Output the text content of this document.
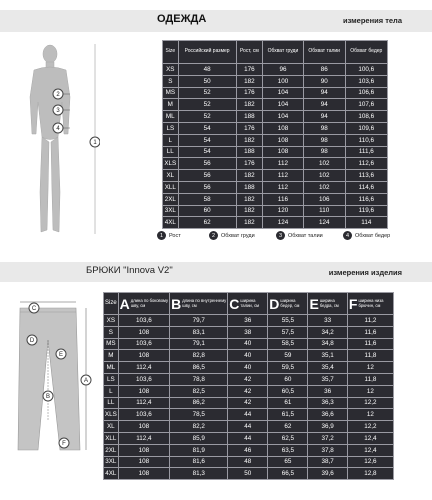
ОДЕЖДА	измерения тела
1
2
3
4
Size	Российский размер	Рост, см	Обхват груди	Обхват талии	Обхват бедер
XS	48	176	96	86	100,6
S	50	182	100	90	103,6
MS	52	176	104	94	106,6
M	52	182	104	94	107,6
ML	52	188	104	94	108,6
LS	54	176	108	98	109,6
L	54	182	108	98	110,6
LL	54	188	108	98	111,6
XLS	56	176	112	102	112,6
XL	56	182	112	102	113,6
XLL	56	188	112	102	114,6
2XL	58	182	116	106	116,6
3XL	60	182	120	110	119,6
4XL	62	182	124	124	114
1	Рост	2	Обхват груди	3	Обхват талии	4	Обхват бедер
БРЮКИ "Innova V2"	измерения изделия
C
D
E
A
B
F
Size	A длина по боковому шву, см	B длина по внутреннему шву, см	C ширина талии, см	D ширина бедер, см	E ширина бедра, см	F ширина низа брючин, см

XS	103,6	79,7	36	55,5	33	11,2
S	108	83,1	38	57,5	34,2	11,6
MS	103,6	79,1	40	58,5	34,8	11,6
M	108	82,8	40	59	35,1	11,8
ML	112,4	86,5	40	59,5	35,4	12
LS	103,6	78,8	42	60	35,7	11,8
L	108	82,5	42	60,5	36	12
LL	112,4	86,2	42	61	36,3	12,2
XLS	103,6	78,5	44	61,5	36,6	12
XL	108	82,2	44	62	36,9	12,2
XLL	112,4	85,9	44	62,5	37,2	12,4
2XL	108	81,9	46	63,5	37,8	12,4
3XL	108	81,6	48	65	38,7	12,6
4XL	108	81,3	50	66,5	39,6	12,8
